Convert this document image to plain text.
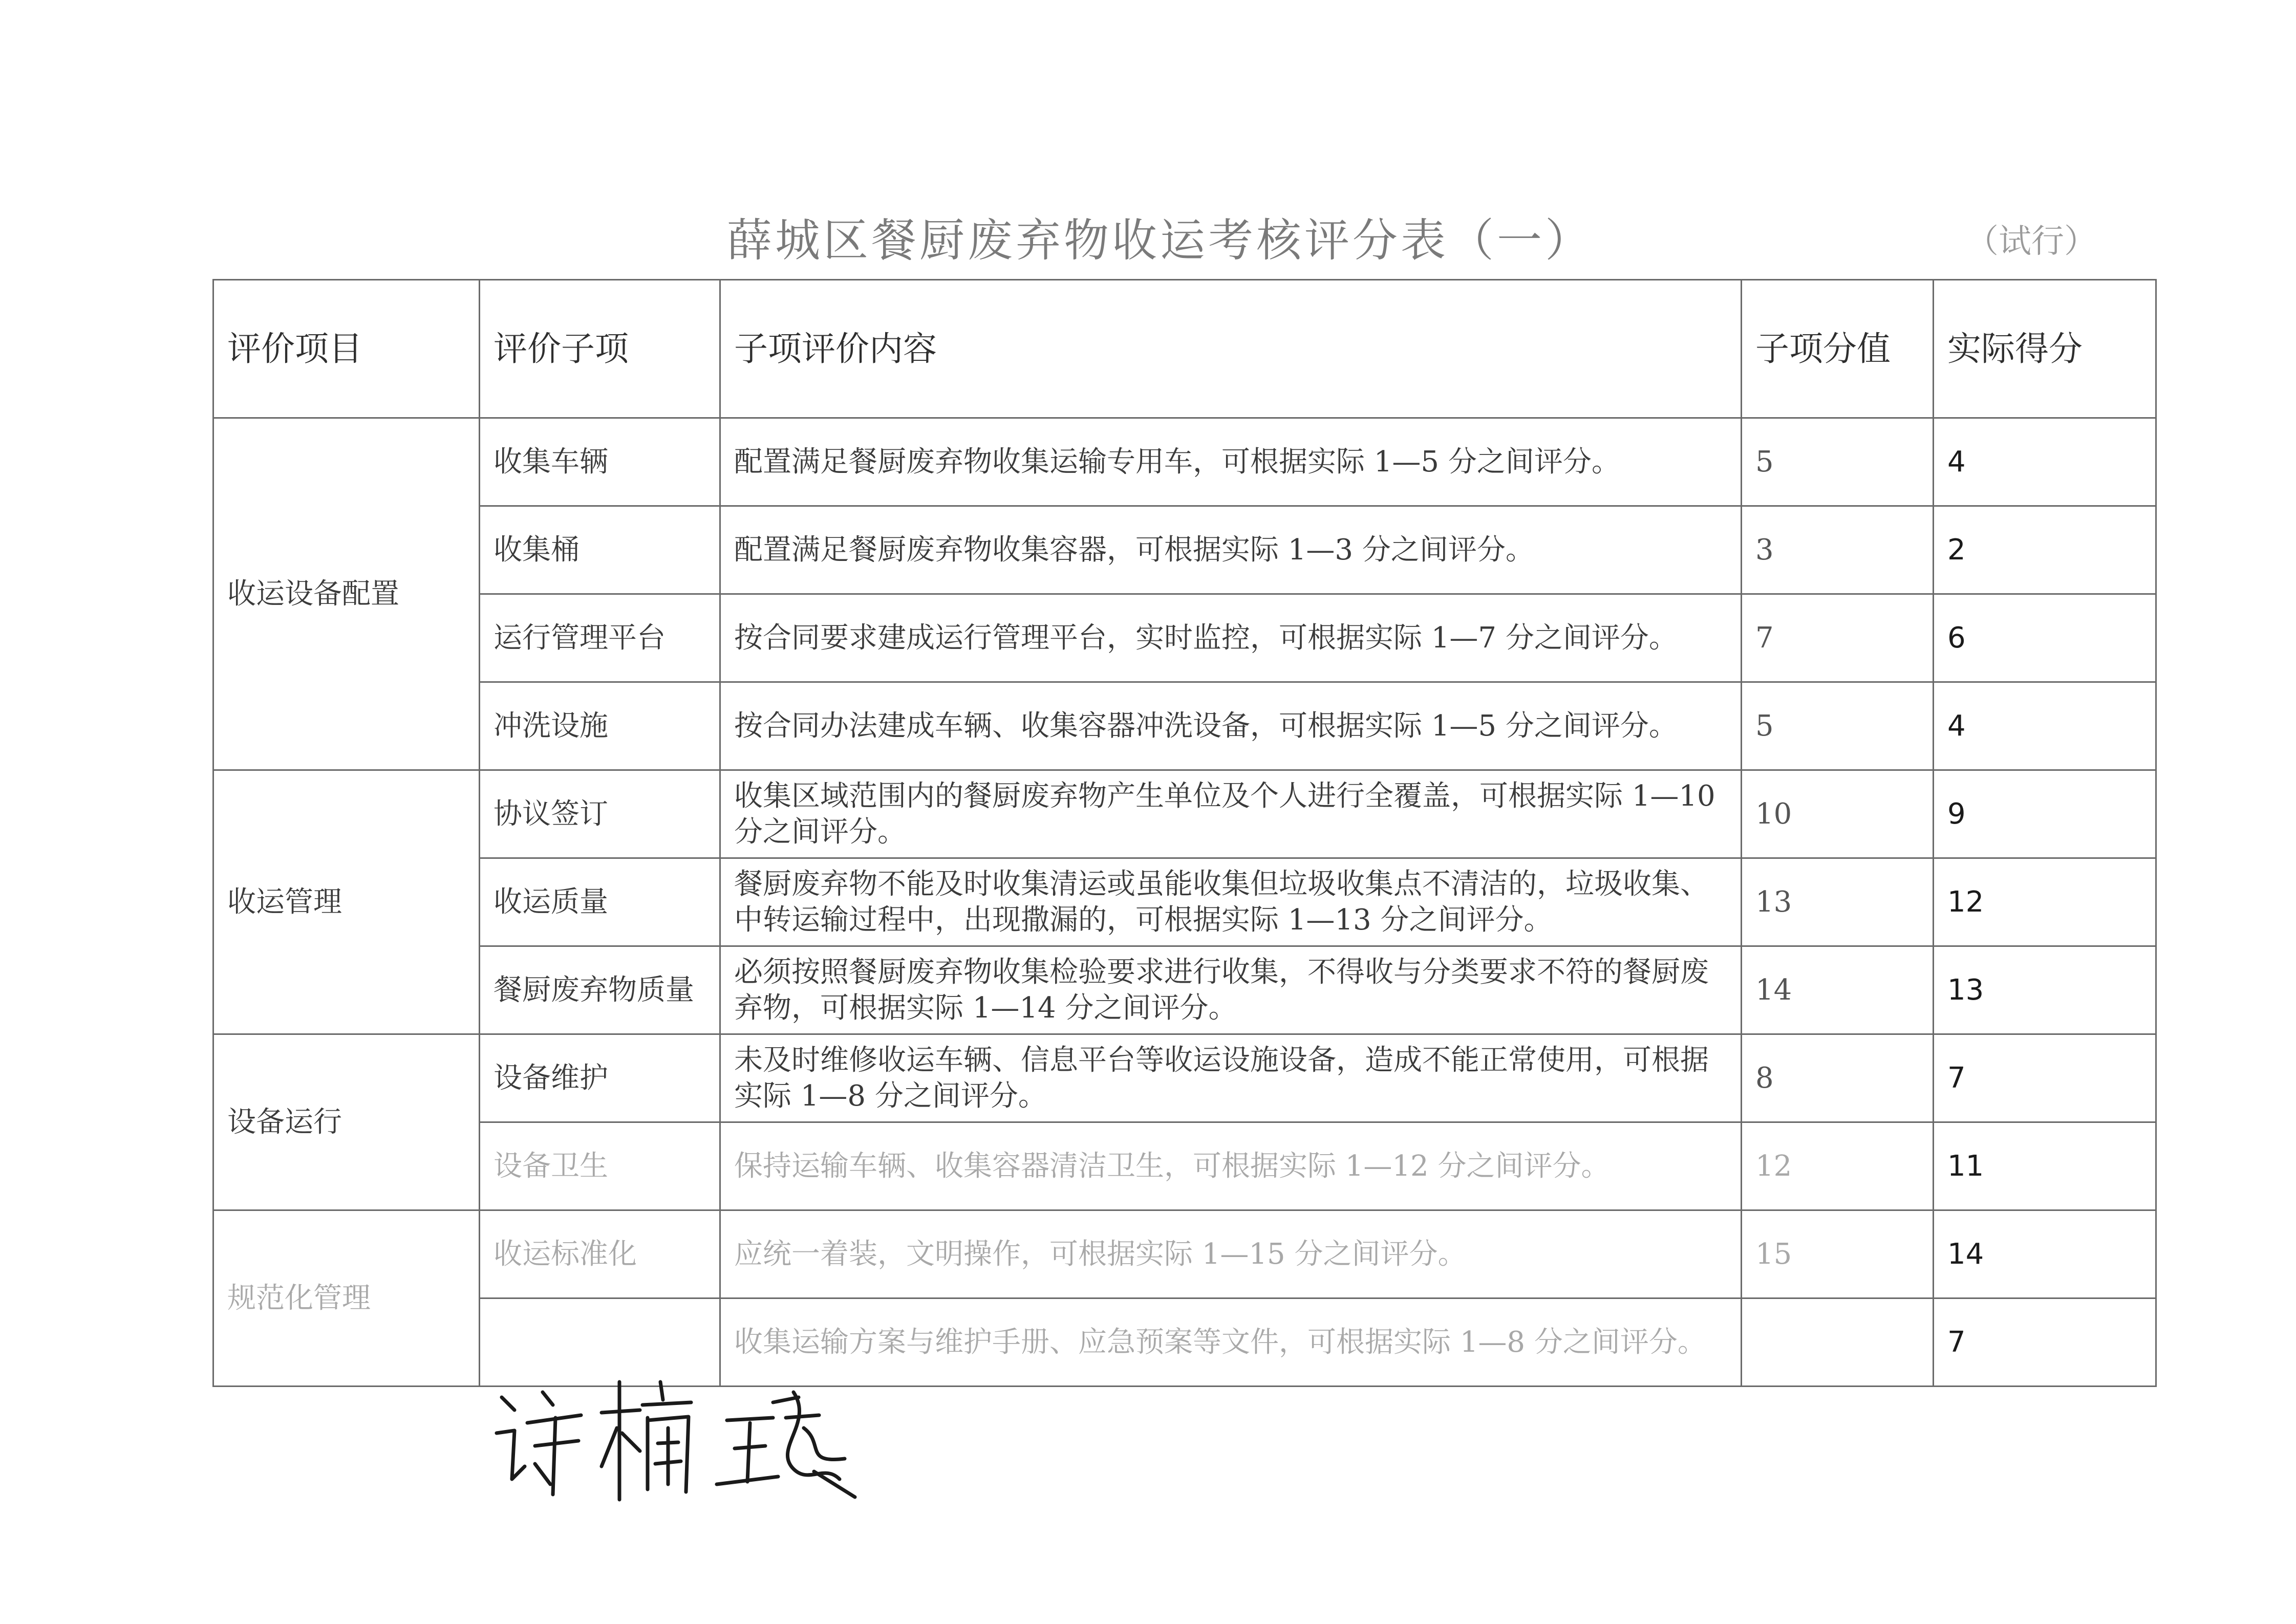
薛城区餐厨废弃物收运考核评分表（一）	（试行）
评价项目	评价子项	子项评价内容	子项分值	实际得分
收运设备配置	收集车辆	配置满足餐厨废弃物收集运输专用车，可根据实际 1—5 分之间评分。	5	4
	收集桶	配置满足餐厨废弃物收集容器，可根据实际 1—3 分之间评分。	3	2
	运行管理平台	按合同要求建成运行管理平台，实时监控，可根据实际 1—7 分之间评分。	7	6
	冲洗设施	按合同办法建成车辆、收集容器冲洗设备，可根据实际 1—5 分之间评分。	5	4
收运管理	协议签订	收集区域范围内的餐厨废弃物产生单位及个人进行全覆盖，可根据实际 1—10 分之间评分。	10	9
	收运质量	餐厨废弃物不能及时收集清运或虽能收集但垃圾收集点不清洁的，垃圾收集、中转运输过程中，出现撒漏的，可根据实际 1—13 分之间评分。	13	12
	餐厨废弃物质量	必须按照餐厨废弃物收集检验要求进行收集，不得收与分类要求不符的餐厨废弃物，可根据实际 1—14 分之间评分。	14	13
设备运行	设备维护	未及时维修收运车辆、信息平台等收运设施设备，造成不能正常使用，可根据实际 1—8 分之间评分。	8	7
	设备卫生	保持运输车辆、收集容器清洁卫生，可根据实际 1—12 分之间评分。	12	11
规范化管理	收运标准化	应统一着装，文明操作，可根据实际 1—15 分之间评分。	15	14
		收集运输方案与维护手册、应急预案等文件，可根据实际 1—8 分之间评分。		7
